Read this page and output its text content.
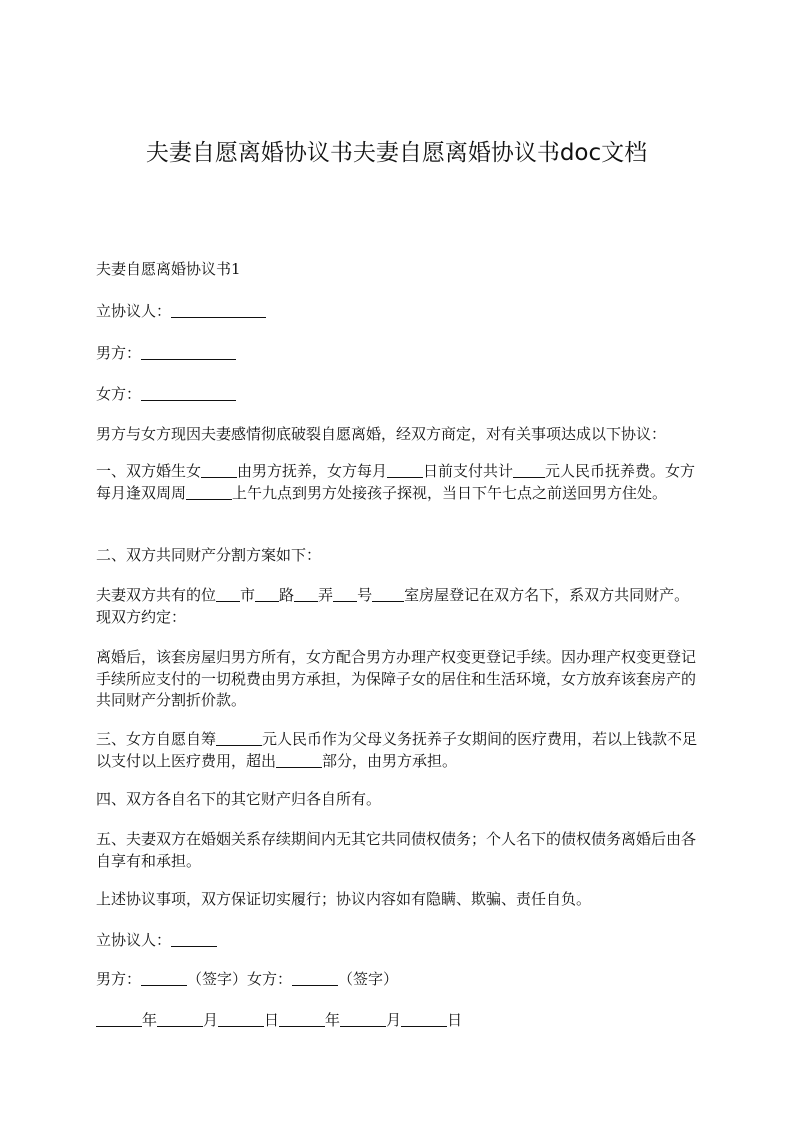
夫妻自愿离婚协议书夫妻自愿离婚协议书doc文档

夫妻自愿离婚协议书1

立协议人：

男方：

女方：

男方与女方现因夫妻感情彻底破裂自愿离婚，经双方商定，对有关事项达成以下协议：

一、双方婚生女 由男方抚养，女方每月 日前支付共计 元人民币抚养费。女方每月逢双周周	上午九点到男方处接孩子探视，当日下午七点之前送回男方住处。

二、双方共同财产分割方案如下：

夫妻双方共有的位 市 路 弄 号 室房屋登记在双方名下，系双方共同财产。现双方约定：

离婚后，该套房屋归男方所有，女方配合男方办理产权变更登记手续。因办理产权变更登记手续所应支付的一切税费由男方承担，为保障子女的居住和生活环境，女方放弃该套房产的共同财产分割折价款。

三、女方自愿自筹	元人民币作为父母义务抚养子女期间的医疗费用，若以上钱款不足以支付以上医疗费用，超出	部分，由男方承担。

四、双方各自名下的其它财产归各自所有。

五、夫妻双方在婚姻关系存续期间内无其它共同债权债务；个人名下的债权债务离婚后由各自享有和承担。

上述协议事项，双方保证切实履行；协议内容如有隐瞒、欺骗、责任自负。

立协议人：

男方：	（签字）女方：	（签字）

年	月	日	年	月	日
